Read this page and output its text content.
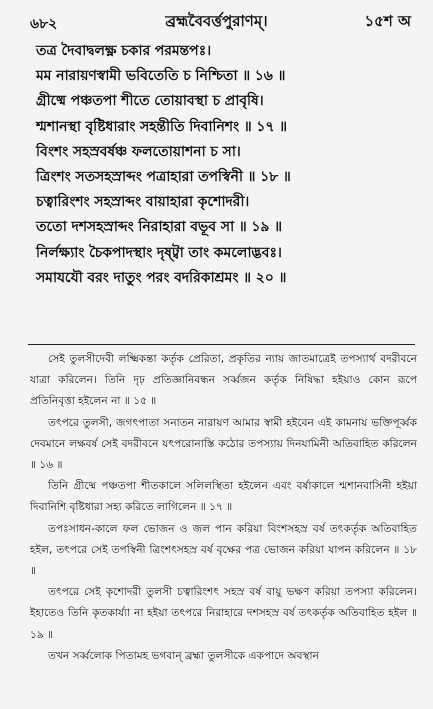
৬৮২	ব্রহ্মবৈবর্ত্তপুরাণম্‌।	১৫শ অ
তত্র দৈবাদ্বলক্ষ্ণ চকার পরমন্তপঃ।
মম নারায়ণস্বামী ভবিতেতি চ নিশ্চিতা ॥ ১৬ ॥
গ্রীষ্মে পঞ্চতপা শীতে তোয়াবস্থা চ প্রাবৃষি।
শ্মশানস্থা বৃষ্টিধারাং সহন্তীতি দিবানিশং ॥ ১৭ ॥
বিংশং সহস্রবর্ষঞ্চ ফলতোয়াশনা চ সা।
ত্রিংশং সতসহস্রাব্দং পত্রাহারা তপস্বিনী ॥ ১৮ ॥
চত্বারিংশং সহস্রাব্দং বায়াহারা কৃশোদরী।
ততো দশসহস্রাব্দং নিরাহারা বভূব সা ॥ ১৯ ॥
নির্লক্ষ্যাং চৈকপাদস্থাং দৃষ্ট্বা তাং কমলোদ্ভবঃ।
সমাযযৌ বরং দাতুং পরং বদরিকাশ্রমং ॥ ২০ ॥

সেই তুলসীদেবী লক্ষ্মিকন্তা কর্তৃক প্রেরিতা, প্রকৃতির ন্যায় জাতমাত্রেই তপস্যার্থ বদরীবনে যাত্রা করিলেন। তিনি দৃঢ় প্রতিজ্ঞানিবন্ধন সর্ব্বজন কর্তৃক নিষিদ্ধা হইয়াও কোন রূপে প্রতিনিবৃত্তা হইলেন না ॥ ১৫ ॥

তৎপরে তুলসী, জগৎপাতা সনাতন নারায়ণ আমার স্বামী হইবেন এই কামনায় ভক্তিপূর্ব্বক দেবমানে লক্ষবর্ষ সেই বদরীবনে যৎপরোনাস্তি কঠোর তপস্যায় দিনযামিনী অতিবাহিত করিলেন ॥ ১৬ ॥

তিনি গ্রীষ্মে পঞ্চতপা শীতকালে সলিলস্থিতা হইলেন এবং বর্ষাকালে শ্মশানবাসিনী হইয়া দিবানিশি বৃষ্টিধারা সহ্য করিতে লাগিলেন ॥ ১৭ ॥

তপঃসাধন-কালে ফল ভোজন ও জল পান করিয়া বিংশসহস্র বর্ষ তৎকর্তৃক অতিবাহিত হইল, তৎপরে সেই তপস্বিনী ত্রিংশৎসহস্র বর্ষ বৃক্ষের পত্র ভোজন করিয়া যাপন করিলেন ॥ ১৮ ॥

তৎপরে সেই কৃশোদরী তুলসী চত্বারিংশৎ সহস্র বর্ষ বায়ু ভক্ষণ করিয়া তপস্যা করিলেন। ইহাতেও তিনি কৃতকার্য্যা না হইয়া তৎপরে নিরাহারে দশসহস্র বর্ষ তৎকর্তৃক অতিবাহিত হইল ॥ ১৯ ॥

তখন সর্ব্বলোক পিতামহ ভগবান্ ব্রহ্মা তুলসীকে একপাদে অবস্থান
